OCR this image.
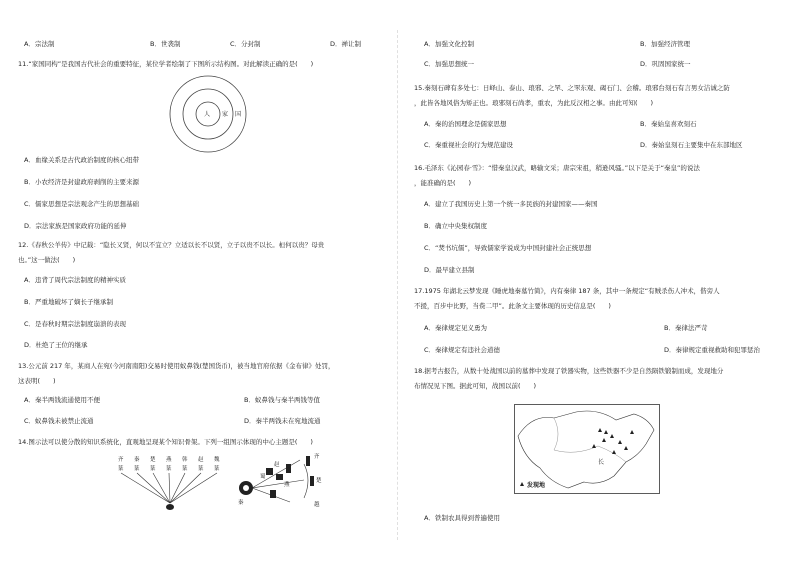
A．宗法制	B．世袭制	C．分封制	D．禅让制
11.“家国同构”是我国古代社会的重要特征，某位学者绘制了下图所示结构图。对此解读正确的是(　　)
人 家 国
A．血缘关系是古代政治制度的核心纽带
B．小农经济是封建政府剥削的主要来源
C．儒家思想是宗法观念产生的思想基础
D．宗法家族是国家政府功能的延伸
12.《春秋公羊传》中记载：“隐长又贤，何以不宜立？立适以长不以贤，立子以贵不以长。桓何以贵？母贵
也。”这一做法(　　)
A．违背了周代宗法制度的精神实质
B．严重地破坏了嫡长子继承制
C．是春秋时期宗法制度崩溃的表现
D．杜绝了王位的继承
13.公元前 217 年，某商人在宛(今河南南阳)交易时使用蚁鼻钱(楚国货币)，被当地官府依据《金布律》处罚，
这表明(　　)
A．秦半两钱流通使用不便	B．蚁鼻钱与秦半两钱等值
C．蚁鼻钱未被禁止流通	D．秦半两钱未在宛地流通
14.图示法可以使分散的知识系统化，直观地呈现某个知识骨架。下列一组图示体现的中心主题是(　　)
齐 秦 楚 燕 韩 赵 魏
篆 篆 篆 篆 篆 篆 篆
蜀
赵
燕
秦
齐
楚
越
A．加强文化控制	B．加强经济管理
C．加强思想统一	D．巩固国家统一
15.秦刻石碑有多处七：日峄山、泰山、琅邪、之罘、之罘东观、碣石门、会稽。琅邪台刻石有言男女洁诚之防
，此皆各地风俗为矫正也。琅邪刻石尚孝，重农，为此反汉相之事。由此可知(　　)
A．秦的治国理念是儒家思想	B．秦始皇喜欢刻石
C．秦重视社会的行为规范建设	D．秦始皇刻石主要集中在东部地区
16.毛泽东《沁园春·雪》：“惜秦皇汉武，略输文采；唐宗宋祖，稍逊风骚。”以下是关于“秦皇”的说法
，能准确的是(　　)
A．建立了我国历史上第一个统一多民族的封建国家——秦国
B．确立中央集权制度
C．“焚书坑儒”，导致儒家学说成为中国封建社会正统思想
D．最早建立县制
17.1975 年湖北云梦发现《睡虎地秦墓竹简》，内有秦律 187 条，其中一条规定“有贼杀伤人冲术，偕旁人
不援，百步中比野，当赀二甲”。此条文主要体现的历史信息是(　　)
A．秦律规定见义勇为	B．秦律法严苛
C．秦律规定有违社会道德	D．秦律规定重视救助和犯罪惩治
18.据考古报告，从数十处战国以前的墓葬中发现了铁器实物，这些铁器不少是自然陨铁锻制而成，发现地分
布情况见下图。据此可知，战国以前(　　)
长
发现地
A．铁制农具得到普遍使用
